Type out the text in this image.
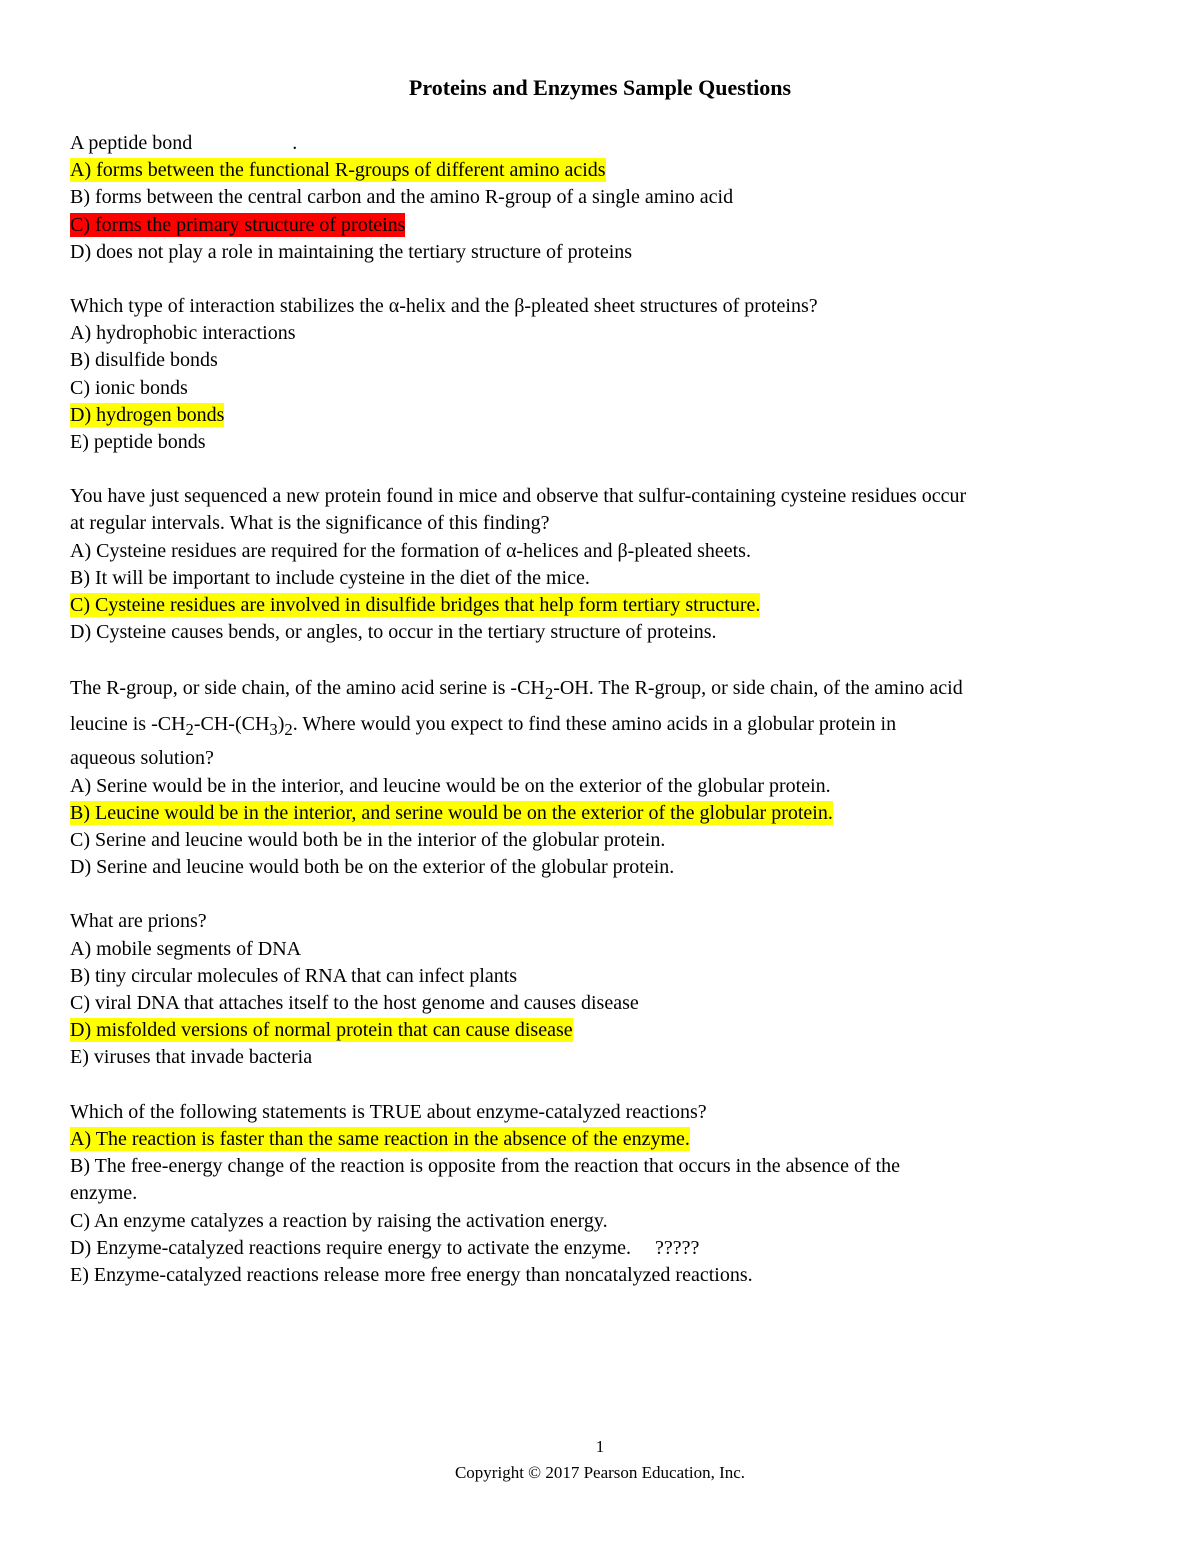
Proteins and Enzymes Sample Questions
A peptide bond	.
A) forms between the functional R-groups of different amino acids
B) forms between the central carbon and the amino R-group of a single amino acid
C) forms the primary structure of proteins
D) does not play a role in maintaining the tertiary structure of proteins
Which type of interaction stabilizes the α-helix and the β-pleated sheet structures of proteins?
A) hydrophobic interactions
B) disulfide bonds
C) ionic bonds
D) hydrogen bonds
E) peptide bonds
You have just sequenced a new protein found in mice and observe that sulfur-containing cysteine residues occur
at regular intervals. What is the significance of this finding?
A) Cysteine residues are required for the formation of α-helices and β-pleated sheets.
B) It will be important to include cysteine in the diet of the mice.
C) Cysteine residues are involved in disulfide bridges that help form tertiary structure.
D) Cysteine causes bends, or angles, to occur in the tertiary structure of proteins.
The R-group, or side chain, of the amino acid serine is $-CH_2-OH$. The R-group, or side chain, of the amino acid
leucine is $-CH_2-CH-(CH_3)_2$. Where would you expect to find these amino acids in a globular protein in
aqueous solution?
A) Serine would be in the interior, and leucine would be on the exterior of the globular protein.
B) Leucine would be in the interior, and serine would be on the exterior of the globular protein.
C) Serine and leucine would both be in the interior of the globular protein.
D) Serine and leucine would both be on the exterior of the globular protein.
What are prions?
A) mobile segments of DNA
B) tiny circular molecules of RNA that can infect plants
C) viral DNA that attaches itself to the host genome and causes disease
D) misfolded versions of normal protein that can cause disease
E) viruses that invade bacteria
Which of the following statements is TRUE about enzyme-catalyzed reactions?
A) The reaction is faster than the same reaction in the absence of the enzyme.
B) The free-energy change of the reaction is opposite from the reaction that occurs in the absence of the
enzyme.
C) An enzyme catalyzes a reaction by raising the activation energy.
D) Enzyme-catalyzed reactions require energy to activate the enzyme. ?????
E) Enzyme-catalyzed reactions release more free energy than noncatalyzed reactions.
1
Copyright © 2017 Pearson Education, Inc.
